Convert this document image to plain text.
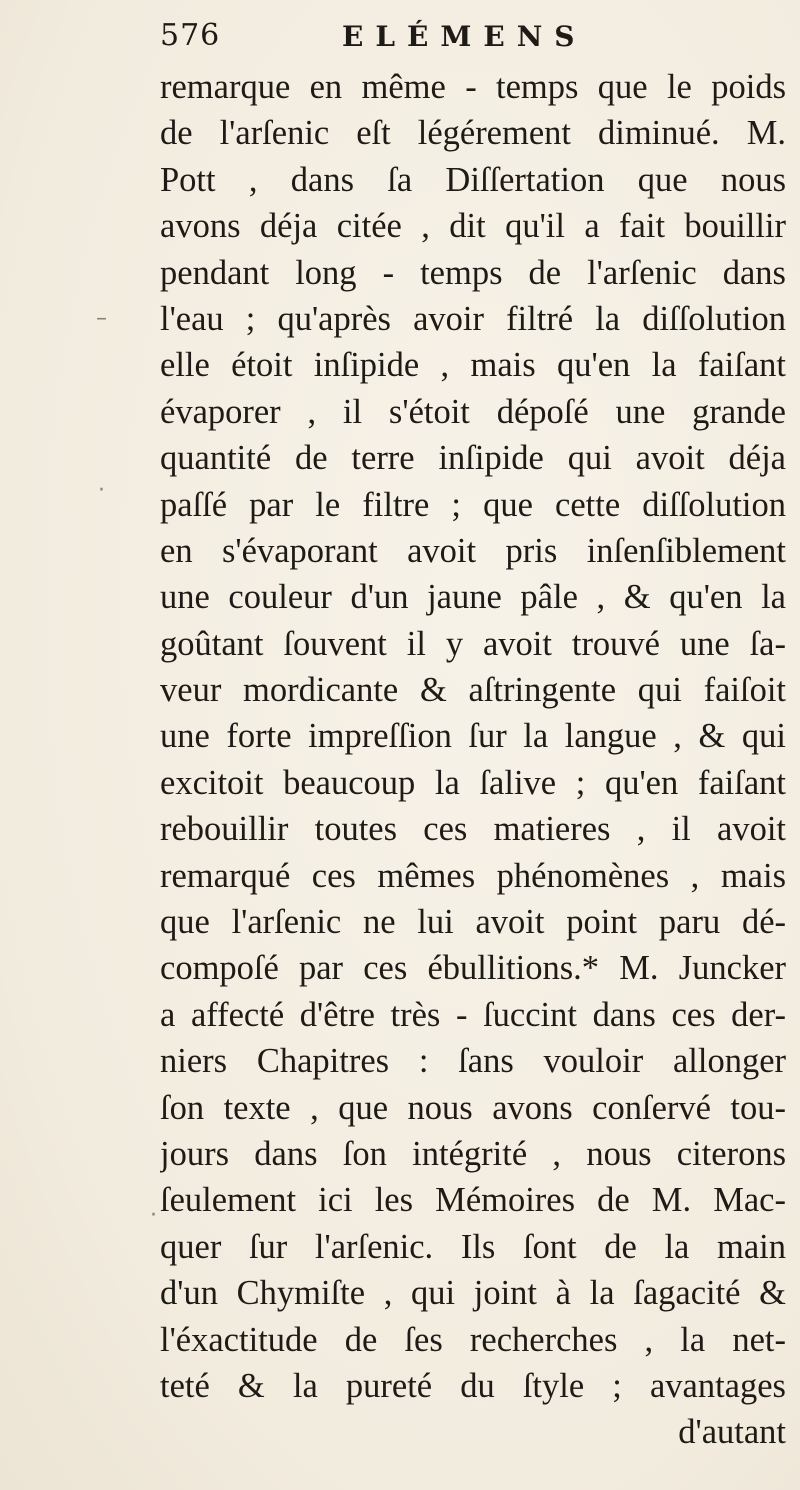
576	ELÉMENS
remarque en même - temps que le poids
de l'arſenic eſt légérement diminué. M.
Pott , dans ſa Diſſertation que nous
avons déja citée , dit qu'il a fait bouillir
pendant long - temps de l'arſenic dans
l'eau ; qu'après avoir filtré la diſſolution
elle étoit inſipide , mais qu'en la faiſant
évaporer , il s'étoit dépoſé une grande
quantité de terre inſipide qui avoit déja
paſſé par le filtre ; que cette diſſolution
en s'évaporant avoit pris inſenſiblement
une couleur d'un jaune pâle , & qu'en la
goûtant ſouvent il y avoit trouvé une ſa-
veur mordicante & aſtringente qui faiſoit
une forte impreſſion ſur la langue , & qui
excitoit beaucoup la ſalive ; qu'en faiſant
rebouillir toutes ces matieres , il avoit
remarqué ces mêmes phénomènes , mais
que l'arſenic ne lui avoit point paru dé-
compoſé par ces ébullitions.* M. Juncker
a affecté d'être très - ſuccint dans ces der-
niers Chapitres : ſans vouloir allonger
ſon texte , que nous avons conſervé tou-
jours dans ſon intégrité , nous citerons
ſeulement ici les Mémoires de M. Mac-
quer ſur l'arſenic. Ils ſont de la main
d'un Chymiſte , qui joint à la ſagacité &
l'éxactitude de ſes recherches , la net-
teté & la pureté du ſtyle ; avantages
d'autant
–
·
·
